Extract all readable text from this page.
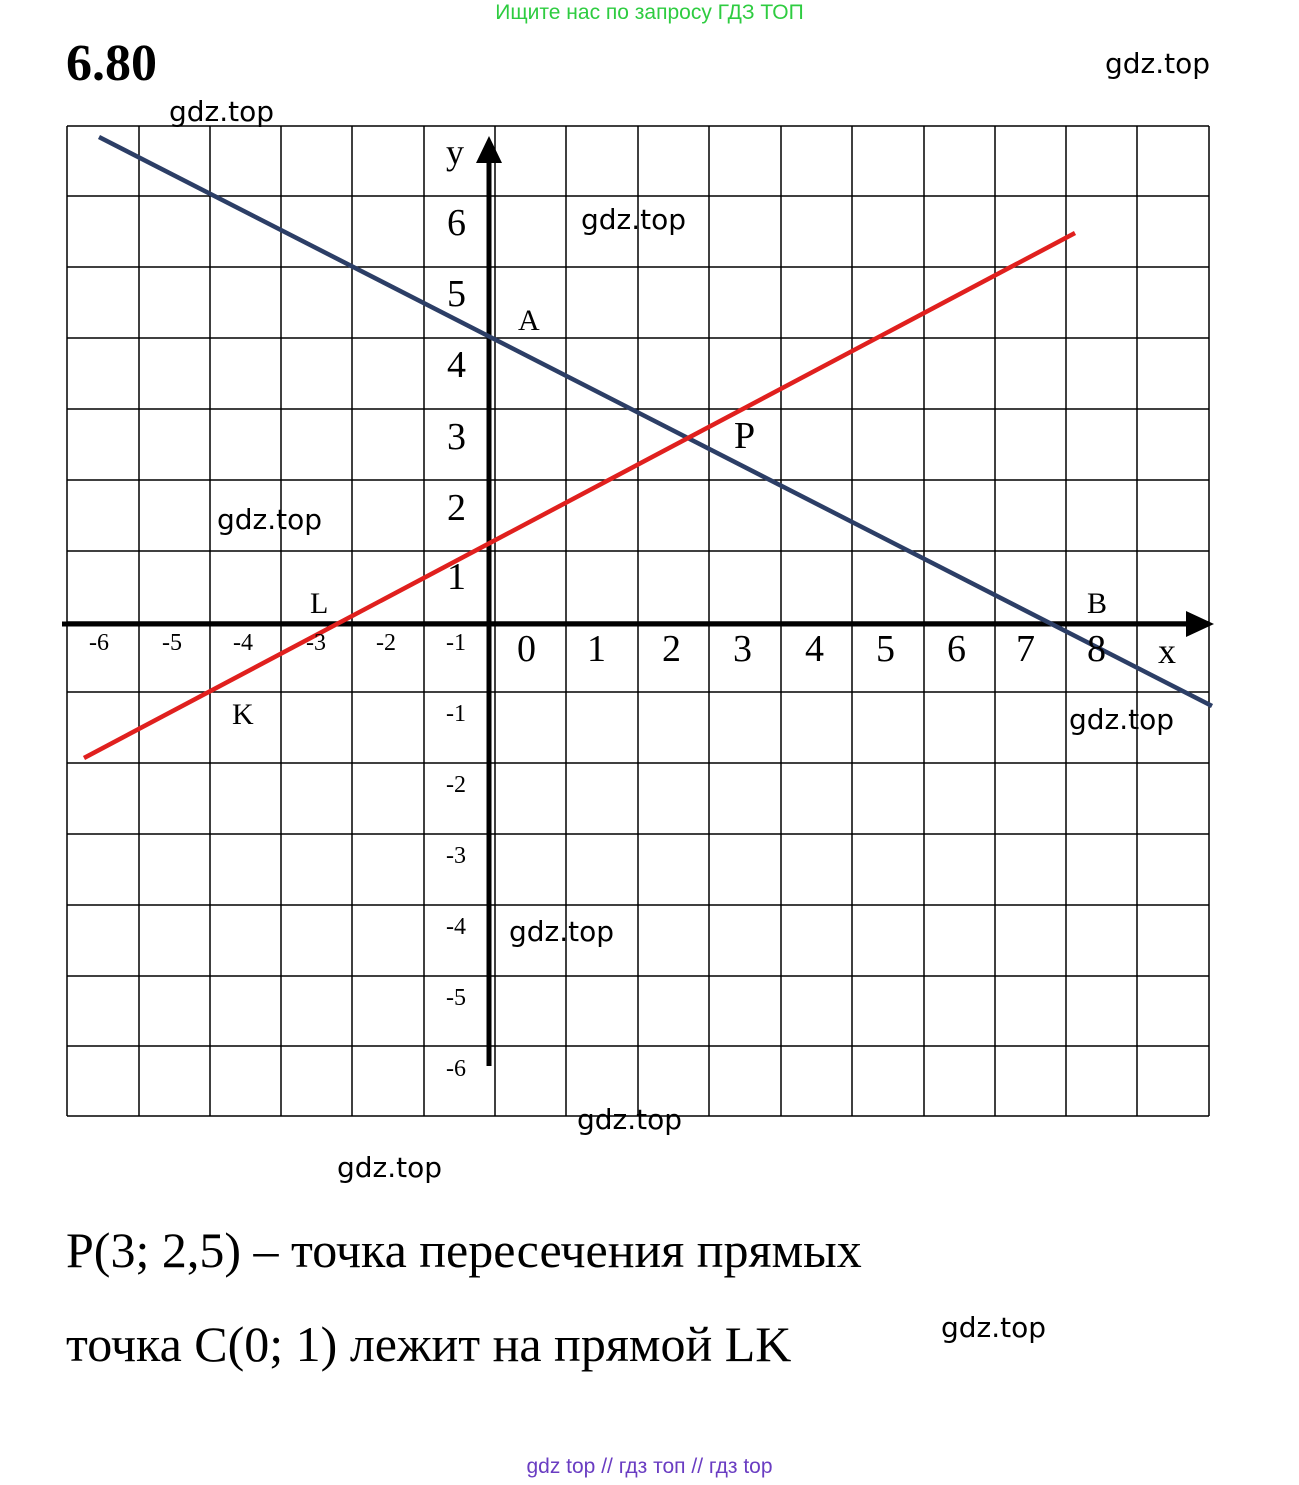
Ищите нас по запросу ГДЗ ТОП
6.80
y
x
1
2
3
4
5
6
-1
-2
-3
-4
-5
-6
0 1 2 3 4 5 6 7 8
-6 -5 -4 -3 -2 -1
A
P
B
L
K
gdz.top
gdz.top
gdz.top
gdz.top
gdz.top
gdz.top
gdz.top
gdz.top
gdz.top
P(3; 2,5) – точка пересечения прямых
точка C(0; 1) лежит на прямой LK
gdz top // гдз топ // гдз top
